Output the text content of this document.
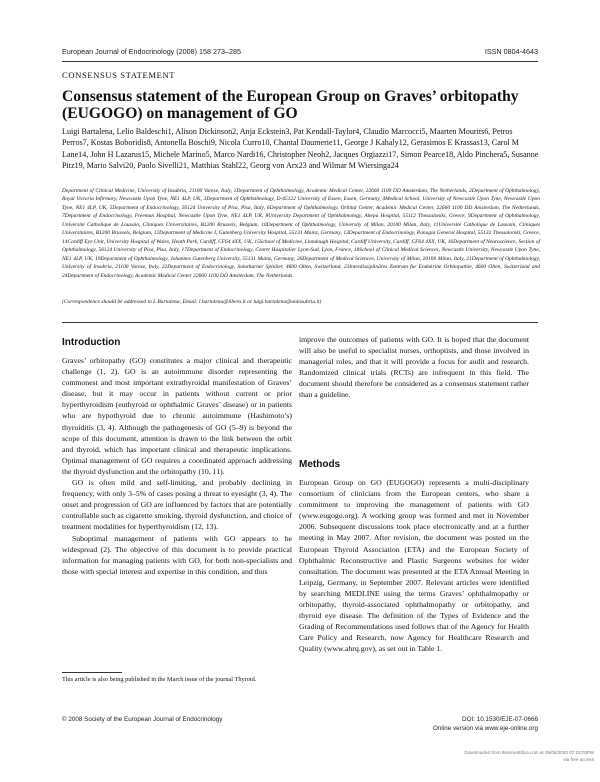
European Journal of Endocrinology (2008) 158 273–285	ISSN 0804-4643
CONSENSUS STATEMENT
Consensus statement of the European Group on Graves’ orbitopathy (EUGOGO) on management of GO
Luigi Bartalena, Lelio Baldeschi1, Alison Dickinson2, Anja Eckstein3, Pat Kendall-Taylor4, Claudio Marcocci5, Maarten Mourits6, Petros Perros7, Kostas Boboridis8, Antonella Boschi9, Nicola Curro10, Chantal Daumerie11, George J Kahaly12, Gerasimos E Krassas13, Carol M Lane14, John H Lazarus15, Michele Marino5, Marco Nardi16, Christopher Neoh2, Jacques Orgiazzi17, Simon Pearce18, Aldo Pinchera5, Susanne Pitz19, Mario Salvi20, Paolo Sivelli21, Matthias Stahl22, Georg von Arx23 and Wilmar M Wiersinga24
Department of Clinical Medicine, University of Insubria, 21100 Varese, Italy, 1Department of Ophthalmology, Academic Medical Center, 22660 1100 DD Amsterdam, The Netherlands, 2Department of Ophthalmology, Royal Victoria Infirmary, Newcastle Upon Tyne, NE1 4LP, UK, 3Department of Ophthalmology, D-45122 University of Essen, Essen, Germany, 4Medical School, University of Newcastle Upon Tyne, Newcastle Upon Tyne, NE1 4LP, UK, 5Department of Endocrinology, 56124 University of Pisa, Pisa, Italy, 6Department of Ophthalmology, Orbital Center, Academic Medical Center, 22660 1100 DD Amsterdam, The Netherlands, 7Department of Endocrinology, Freeman Hospital, Newcastle Upon Tyne, NE1 4LP, UK, 8University Department of Ophthalmology, Ahepa Hospital, 55112 Thessaloniki, Greece, 9Department of Ophthalmology, Université Catholique de Louvain, Cliniques Universitaires, B1200 Brussels, Belgium, 10Department of Ophthalmology, University of Milan, 20100 Milan, Italy, 11Université Catholique de Louvain, Cliniques Universitaires, B1200 Brussels, Belgium, 12Department of Medicine I, Gutenberg University Hospital, 55131 Mainz, Germany, 13Department of Endocrinology, Panagia General Hospital, 55132 Thessaloniki, Greece, 14Cardiff Eye Unit, University Hospital of Wales, Heath Park, Cardiff, CF64 4XX, UK, 15School of Medicine, Llandough Hospital, Cardiff University, Cardiff, CF64 4XX, UK, 16Department of Neuroscience, Section of Ophthalmology, 56124 University of Pisa, Pisa, Italy, 17Department of Endocrinology, Centre Hospitalier Lyon-Sud, Lyon, France, 18School of Clinical Medical Sciences, Newcastle University, Newcastle Upon Tyne, NE1 4LP, UK, 19Department of Ophthalmology, Johannes Gutenberg University, 55131 Mainz, Germany, 20Department of Medical Sciences, University of Milan, 20100 Milan, Italy, 21Department of Ophthalmology, University of Insubria, 21100 Varese, Italy, 22Department of Endocrinology, Solothurner Spitäler, 4600 Olten, Switzerland, 23Interdisziplinäres Zentrum fur Endokrine Orbitopathie, 4600 Olten, Switzerland and 24Department of Endocrinology, Academic Medical Center 22660 1100 DD Amsterdam, The Netherlands
(Correspondence should be addressed to L Bartalena; Email: l.bartalena@libero.it or luigi.bartalena@uninsubria.it)
Introduction

Graves’ orbitopathy (GO) constitutes a major clinical and therapeutic challenge (1, 2). GO is an autoimmune disorder representing the commonest and most important extrathyroidal manifestation of Graves’ disease, but it may occur in patients without current or prior hyperthyroidism (euthyroid or ophthalmic Graves’ disease) or in patients who are hypothyroid due to chronic autoimmune (Hashimoto’s) thyroiditis (3, 4). Although the pathogenesis of GO (5–9) is beyond the scope of this document, attention is drawn to the link between the orbit and thyroid, which has important clinical and therapeutic implications. Optimal management of GO requires a coordinated approach addressing the thyroid dysfunction and the orbitopathy (10, 11).

GO is often mild and self-limiting, and probably declining in frequency, with only 3–5% of cases posing a threat to eyesight (3, 4). The onset and progression of GO are influenced by factors that are potentially controllable such as cigarette smoking, thyroid dysfunction, and choice of treatment modalities for hyperthyroidism (12, 13).

Suboptimal management of patients with GO appears to be widespread (2). The objective of this document is to provide practical information for managing patients with GO, for both non-specialists and those with special interest and expertise in this condition, and thus

improve the outcomes of patients with GO. It is hoped that the document will also be useful to specialist nurses, orthoptists, and those involved in managerial roles, and that it will provide a focus for audit and research. Randomized clinical trials (RCTs) are infrequent in this field. The document should therefore be considered as a consensus statement rather than a guideline.

Methods

European Group on GO (EUGOGO) represents a multi-disciplinary consortium of clinicians from the European centers, who share a commitment to improving the management of patients with GO (www.eugogo.org). A working group was formed and met in November 2006. Subsequent discussions took place electronically and at a further meeting in May 2007. After revision, the document was posted on the European Thyroid Association (ETA) and the European Society of Ophthalmic Reconstructive and Plastic Surgeons websites for wider consultation. The document was presented at the ETA Annual Meeting in Leipzig, Germany, in September 2007. Relevant articles were identified by searching MEDLINE using the terms Graves’ ophthalmopathy or orbitopathy, thyroid-associated ophthalmopathy or orbitopathy, and thyroid eye disease. The definition of the Types of Evidence and the Grading of Recommendations used follows that of the Agency for Health Care Policy and Research, now Agency for Healthcare Research and Quality (www.ahrq.gov), as set out in Table 1.

This article is also being published in the March issue of the journal Thyroid.
© 2008 Society of the European Journal of Endocrinology	DOI: 10.1530/EJE-07-0666
Online version via www.eje-online.org
Downloaded from Bioscientifica.com at 05/06/2020 07:23:03PM
via free access
